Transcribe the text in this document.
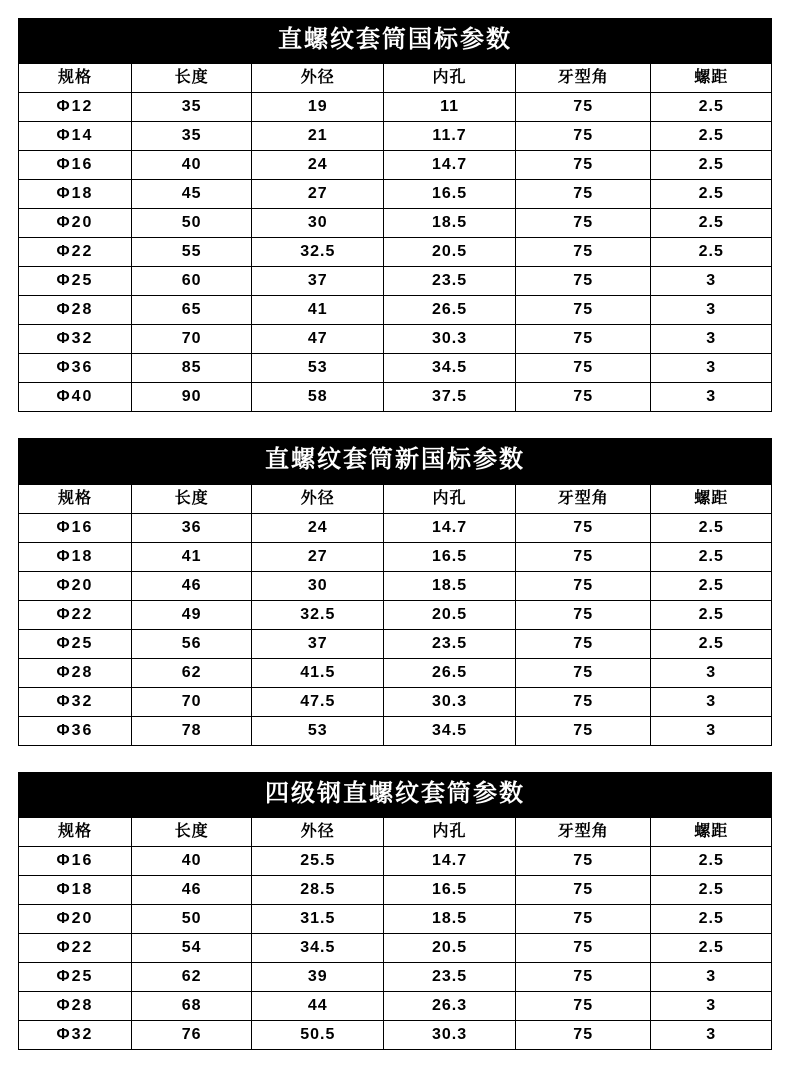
直螺纹套筒国标参数
规格	长度	外径	内孔	牙型角	螺距
Φ12	35	19	11	75	2.5
Φ14	35	21	11.7	75	2.5
Φ16	40	24	14.7	75	2.5
Φ18	45	27	16.5	75	2.5
Φ20	50	30	18.5	75	2.5
Φ22	55	32.5	20.5	75	2.5
Φ25	60	37	23.5	75	3
Φ28	65	41	26.5	75	3
Φ32	70	47	30.3	75	3
Φ36	85	53	34.5	75	3
Φ40	90	58	37.5	75	3
直螺纹套筒新国标参数
规格	长度	外径	内孔	牙型角	螺距
Φ16	36	24	14.7	75	2.5
Φ18	41	27	16.5	75	2.5
Φ20	46	30	18.5	75	2.5
Φ22	49	32.5	20.5	75	2.5
Φ25	56	37	23.5	75	2.5
Φ28	62	41.5	26.5	75	3
Φ32	70	47.5	30.3	75	3
Φ36	78	53	34.5	75	3
四级钢直螺纹套筒参数
规格	长度	外径	内孔	牙型角	螺距
Φ16	40	25.5	14.7	75	2.5
Φ18	46	28.5	16.5	75	2.5
Φ20	50	31.5	18.5	75	2.5
Φ22	54	34.5	20.5	75	2.5
Φ25	62	39	23.5	75	3
Φ28	68	44	26.3	75	3
Φ32	76	50.5	30.3	75	3
